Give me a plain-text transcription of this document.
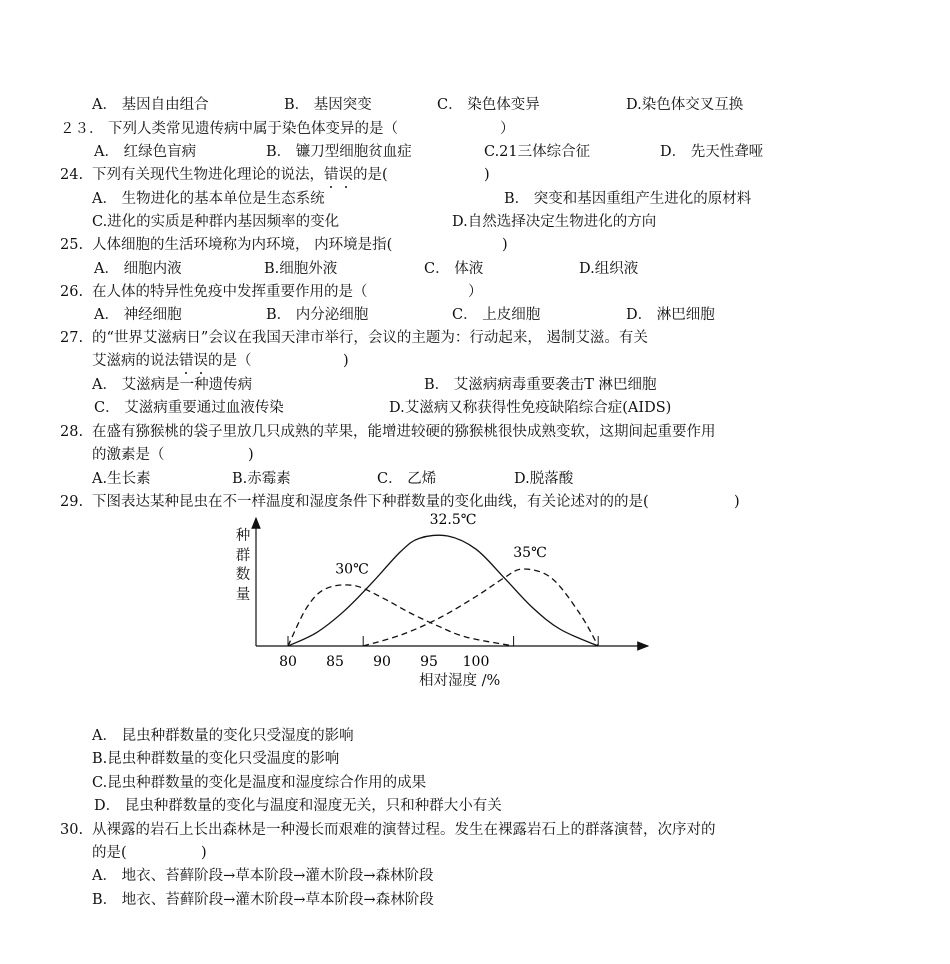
A． 基因自由组合	B． 基因突变	C． 染色体变异	D.染色体交叉互换
２３． 下列人类常见遗传病中属于染色体变异的是（	）
A． 红绿色盲病	B． 镰刀型细胞贫血症	C.21三体综合征	D． 先天性聋哑
24. 下列有关现代生物进化理论的说法，错误的是(	)
A． 生物进化的基本单位是生态系统	B． 突变和基因重组产生进化的原材料
C.进化的实质是种群内基因频率的变化	D.自然选择决定生物进化的方向
25. 人体细胞的生活环境称为内环境， 内环境是指(	)
A． 细胞内液	B.细胞外液	C． 体液	D.组织液
26. 在人体的特异性免疫中发挥重要作用的是（	）
A． 神经细胞	B． 内分泌细胞	C． 上皮细胞	D． 淋巴细胞
27. 的“世界艾滋病日”会议在我国天津市举行，会议的主题为：行动起来， 遏制艾滋。有关
艾滋病的说法错误的是（	)
A． 艾滋病是一种遗传病	B． 艾滋病病毒重要袭击T 淋巴细胞
C． 艾滋病重要通过血液传染	D.艾滋病又称获得性免疫缺陷综合症(AIDS)
28. 在盛有猕猴桃的袋子里放几只成熟的苹果，能增进较硬的猕猴桃很快成熟变软，这期间起重要作用
的激素是（	)
A.生长素	B.赤霉素	C． 乙烯	D.脱落酸
29. 下图表达某种昆虫在不一样温度和湿度条件下种群数量的变化曲线，有关论述对的的是(	)
80 85 90 95 100
32.5℃
30℃
35℃
种
群
数
量
相对湿度 /%
A． 昆虫种群数量的变化只受湿度的影响
B.昆虫种群数量的变化只受温度的影响
C.昆虫种群数量的变化是温度和湿度综合作用的成果
D． 昆虫种群数量的变化与温度和湿度无关，只和种群大小有关
30. 从裸露的岩石上长出森林是一种漫长而艰难的演替过程。发生在裸露岩石上的群落演替，次序对的
的是(	)
A． 地衣、苔藓阶段→草本阶段→灌木阶段→森林阶段
B． 地衣、苔藓阶段→灌木阶段→草本阶段→森林阶段
